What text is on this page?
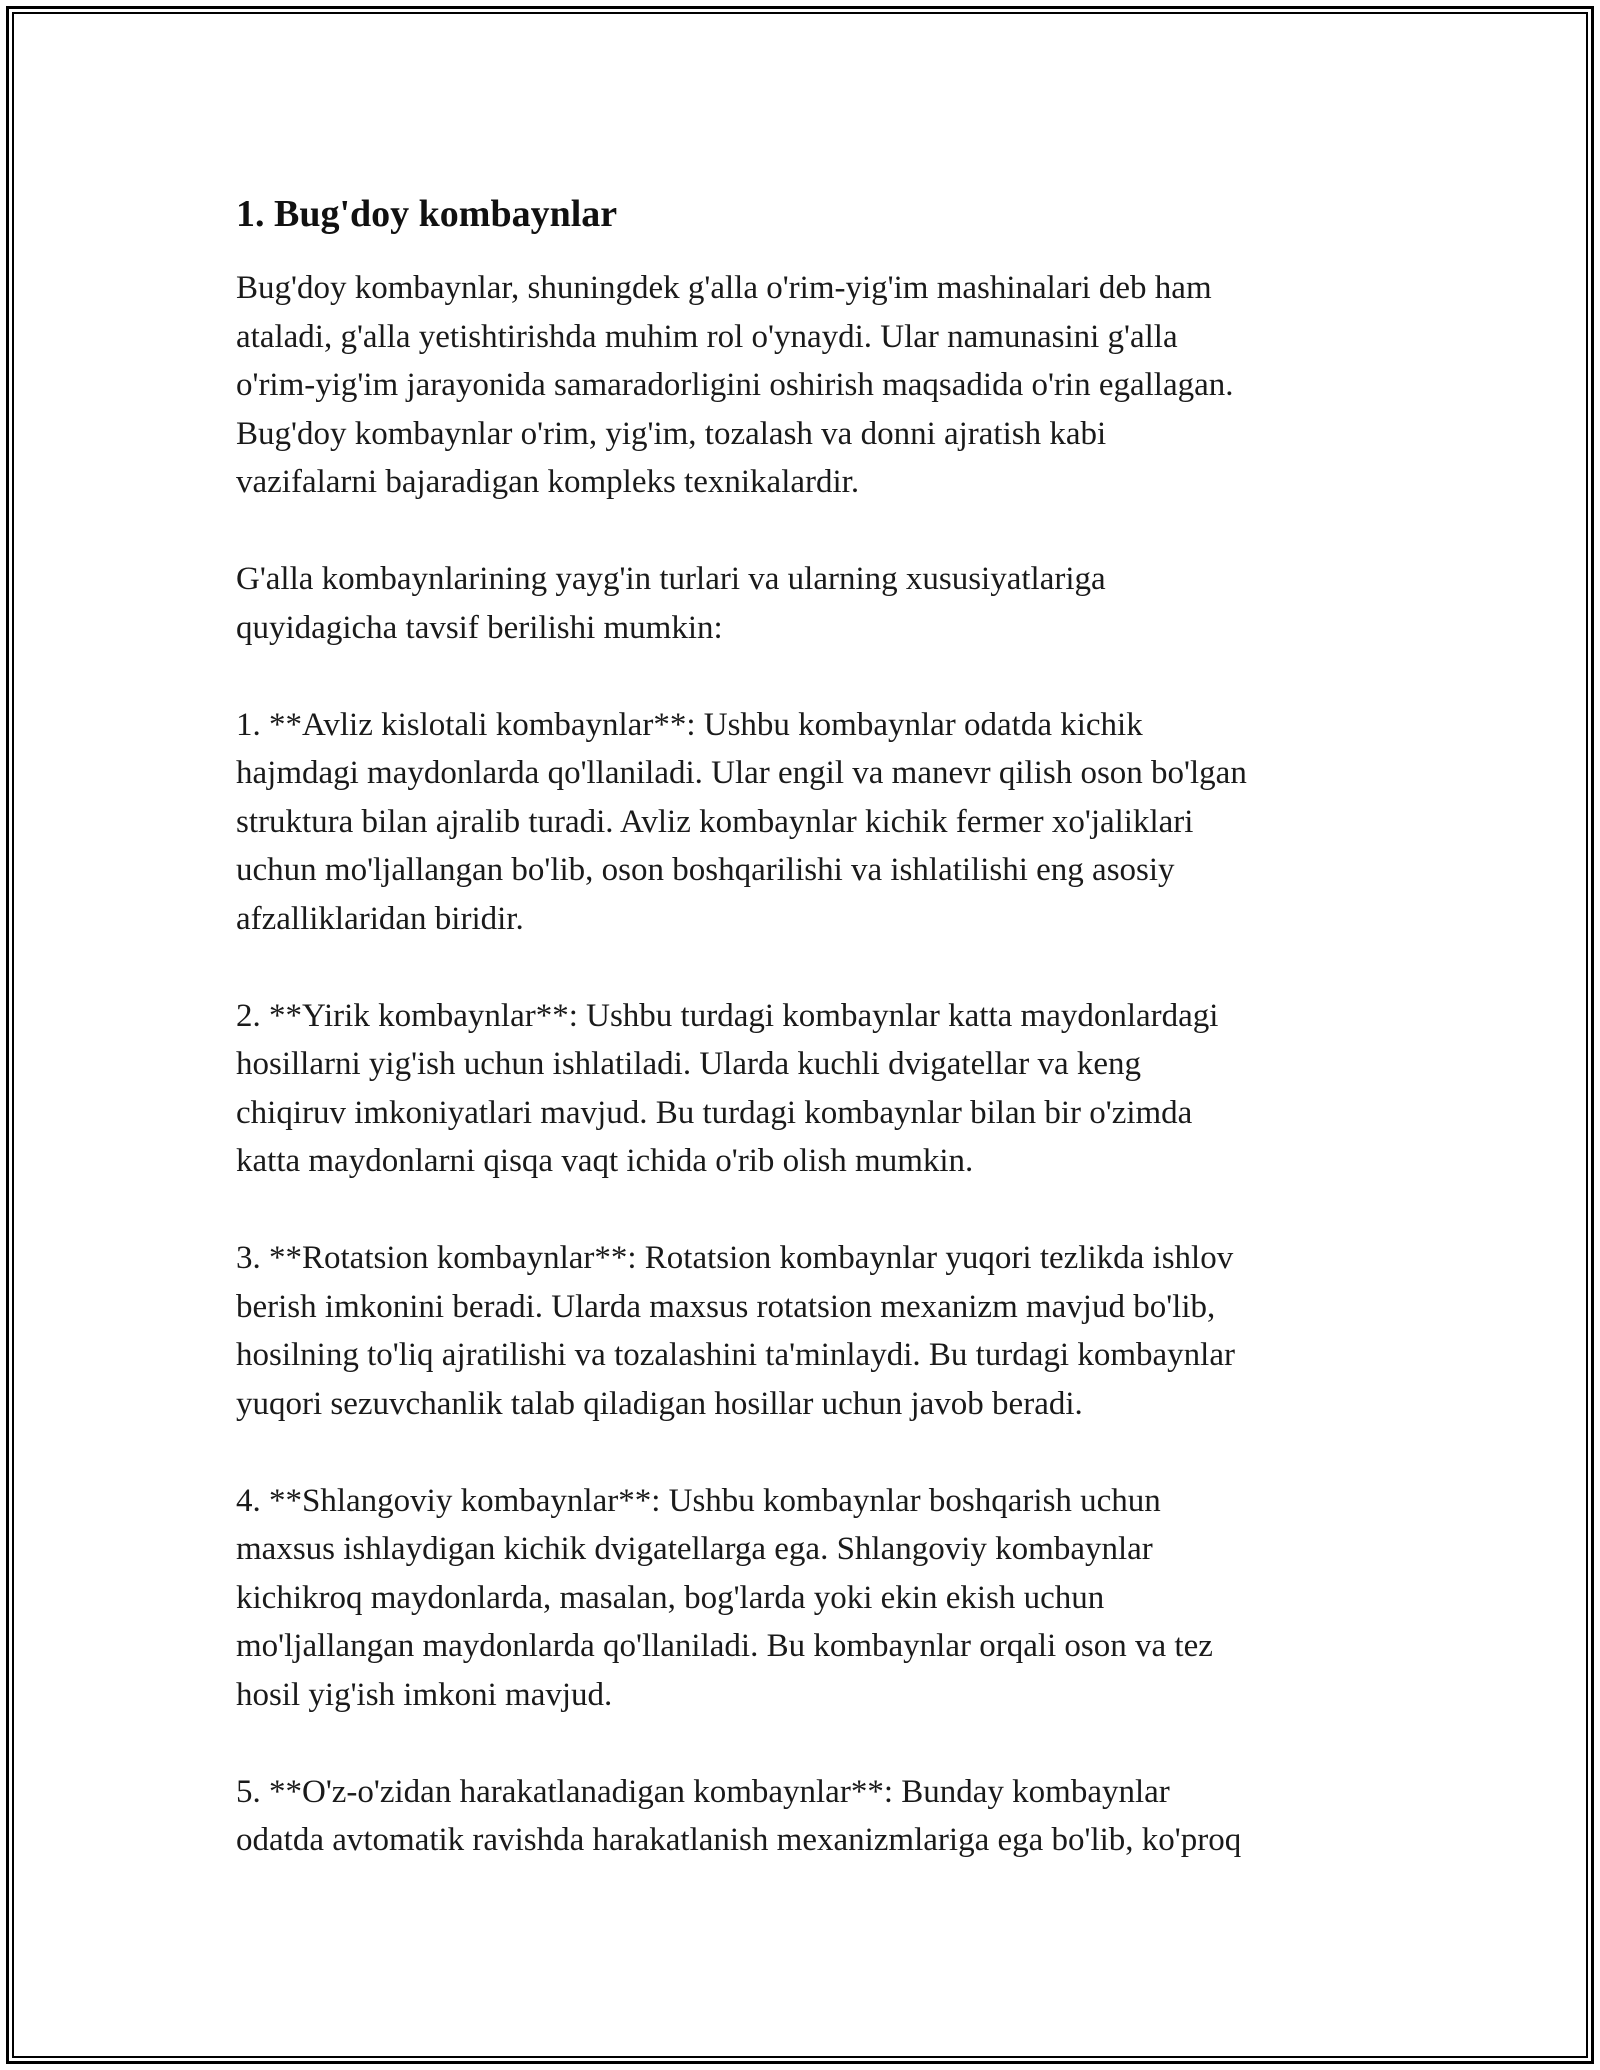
1. Bug'doy kombaynlar

Bug'doy kombaynlar, shuningdek g'alla o'rim-yig'im mashinalari deb ham
ataladi, g'alla yetishtirishda muhim rol o'ynaydi. Ular namunasini g'alla
o'rim-yig'im jarayonida samaradorligini oshirish maqsadida o'rin egallagan.
Bug'doy kombaynlar o'rim, yig'im, tozalash va donni ajratish kabi
vazifalarni bajaradigan kompleks texnikalardir.

G'alla kombaynlarining yayg'in turlari va ularning xususiyatlariga
quyidagicha tavsif berilishi mumkin:

1. **Avliz kislotali kombaynlar**: Ushbu kombaynlar odatda kichik
hajmdagi maydonlarda qo'llaniladi. Ular engil va manevr qilish oson bo'lgan
struktura bilan ajralib turadi. Avliz kombaynlar kichik fermer xo'jaliklari
uchun mo'ljallangan bo'lib, oson boshqarilishi va ishlatilishi eng asosiy
afzalliklaridan biridir.

2. **Yirik kombaynlar**: Ushbu turdagi kombaynlar katta maydonlardagi
hosillarni yig'ish uchun ishlatiladi. Ularda kuchli dvigatellar va keng
chiqiruv imkoniyatlari mavjud. Bu turdagi kombaynlar bilan bir o'zimda
katta maydonlarni qisqa vaqt ichida o'rib olish mumkin.

3. **Rotatsion kombaynlar**: Rotatsion kombaynlar yuqori tezlikda ishlov
berish imkonini beradi. Ularda maxsus rotatsion mexanizm mavjud bo'lib,
hosilning to'liq ajratilishi va tozalashini ta'minlaydi. Bu turdagi kombaynlar
yuqori sezuvchanlik talab qiladigan hosillar uchun javob beradi.

4. **Shlangoviy kombaynlar**: Ushbu kombaynlar boshqarish uchun
maxsus ishlaydigan kichik dvigatellarga ega. Shlangoviy kombaynlar
kichikroq maydonlarda, masalan, bog'larda yoki ekin ekish uchun
mo'ljallangan maydonlarda qo'llaniladi. Bu kombaynlar orqali oson va tez
hosil yig'ish imkoni mavjud.

5. **O'z-o'zidan harakatlanadigan kombaynlar**: Bunday kombaynlar
odatda avtomatik ravishda harakatlanish mexanizmlariga ega bo'lib, ko'proq
